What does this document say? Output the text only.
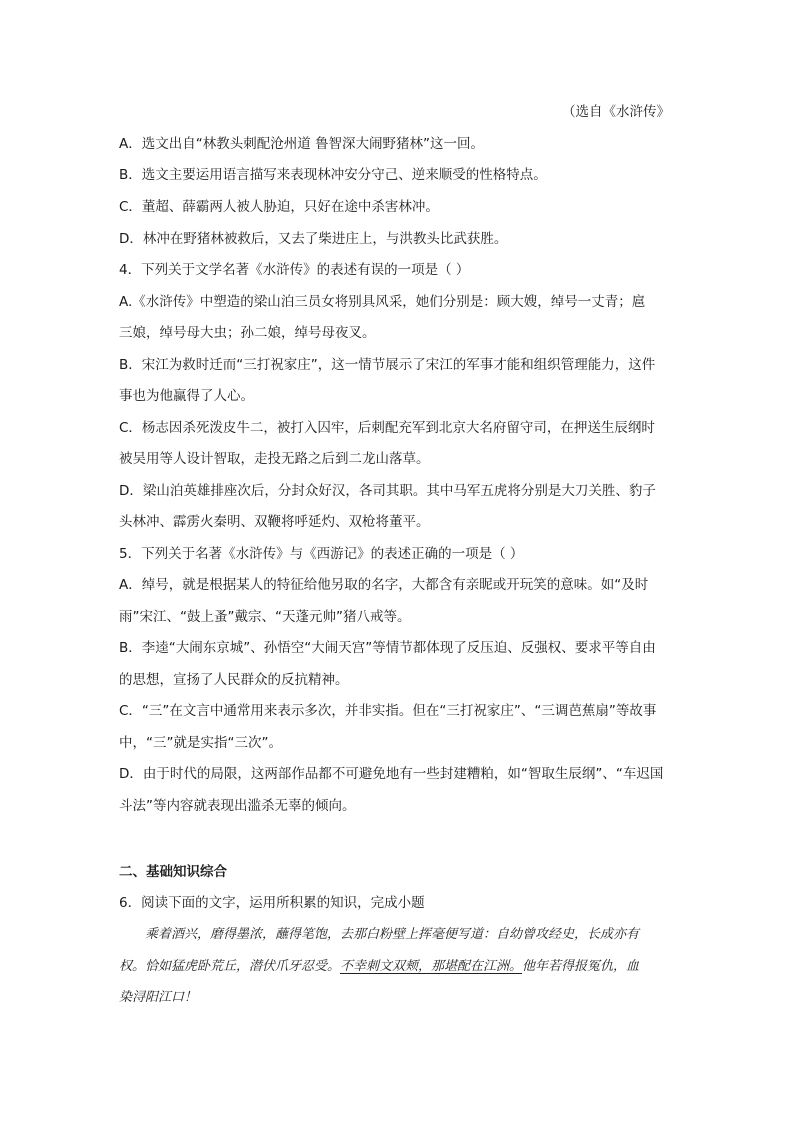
（选自《水浒传》
A．选文出自“林教头刺配沧州道 鲁智深大闹野猪林”这一回。
B．选文主要运用语言描写来表现林冲安分守己、逆来顺受的性格特点。
C．董超、薛霸两人被人胁迫，只好在途中杀害林冲。
D．林冲在野猪林被救后，又去了柴进庄上，与洪教头比武获胜。
4．下列关于文学名著《水浒传》的表述有误的一项是（ ）
A.《水浒传》中塑造的梁山泊三员女将别具风采，她们分别是：顾大嫂，绰号一丈青；扈
三娘，绰号母大虫；孙二娘，绰号母夜叉。
B．宋江为救时迁而“三打祝家庄”，这一情节展示了宋江的军事才能和组织管理能力，这件
事也为他赢得了人心。
C．杨志因杀死泼皮牛二，被打入囚牢，后刺配充军到北京大名府留守司，在押送生辰纲时
被吴用等人设计智取，走投无路之后到二龙山落草。
D．梁山泊英雄排座次后，分封众好汉，各司其职。其中马军五虎将分别是大刀关胜、豹子
头林冲、霹雳火秦明、双鞭将呼延灼、双枪将董平。
5．下列关于名著《水浒传》与《西游记》的表述正确的一项是（ ）
A．绰号，就是根据某人的特征给他另取的名字，大都含有亲昵或开玩笑的意味。如“及时
雨”宋江、“鼓上蚤”戴宗、“天蓬元帅”猪八戒等。
B．李逵“大闹东京城”、孙悟空“大闹天宫”等情节都体现了反压迫、反强权、要求平等自由
的思想，宣扬了人民群众的反抗精神。
C．“三”在文言中通常用来表示多次，并非实指。但在“三打祝家庄”、“三调芭蕉扇”等故事
中，“三”就是实指“三次”。
D．由于时代的局限，这两部作品都不可避免地有一些封建糟粕，如“智取生辰纲”、“车迟国
斗法”等内容就表现出滥杀无辜的倾向。
二、基础知识综合
6．阅读下面的文字，运用所积累的知识，完成小题
乘着酒兴，磨得墨浓，蘸得笔饱，去那白粉壁上挥毫便写道：自幼曾攻经史，长成亦有
权。恰如猛虎卧荒丘，潜伏爪牙忍受。不幸刺文双颊，那堪配在江洲。他年若得报冤仇，血
染浔阳江口！
